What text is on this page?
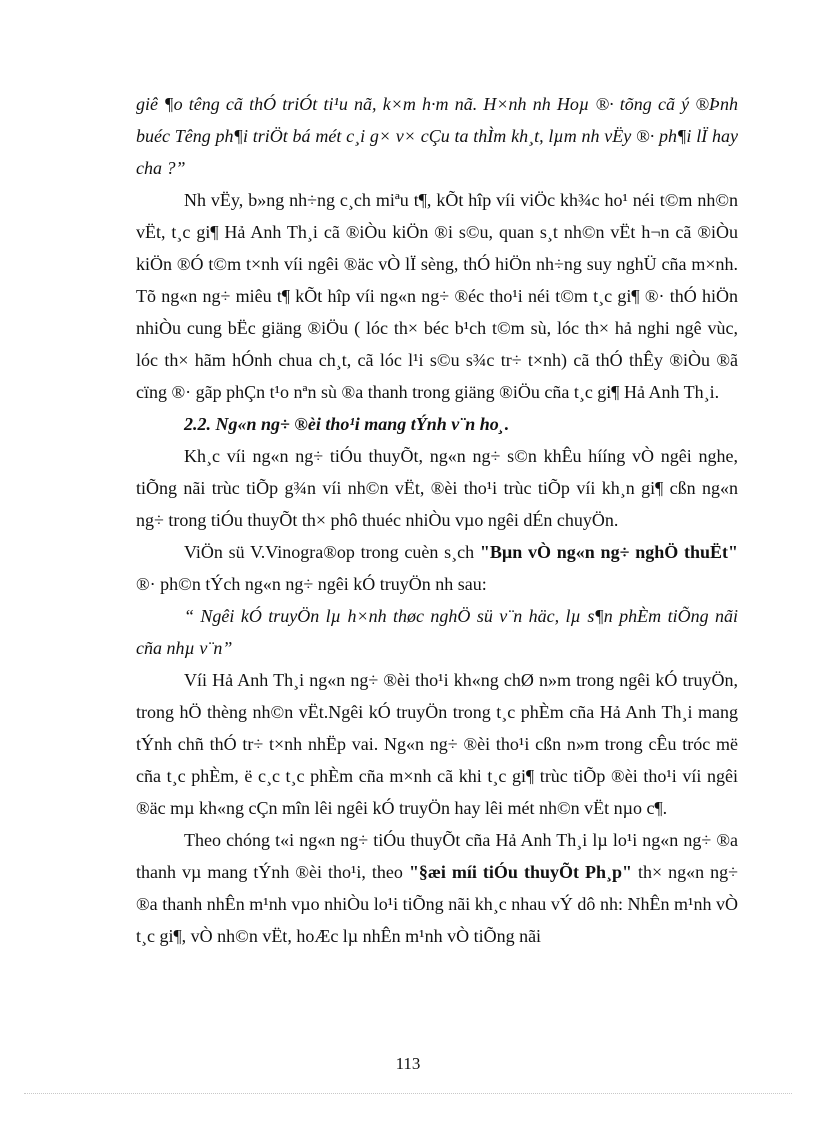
giê ¶o têng cã thÓ triÓt ti¹u nã, k×m h·m nã. H×nh nh Hoµ ®· tõng cã ý ®Þnh buéc Têng ph¶i triÖt bá mét c¸i g× v× cÇu ta thÌm kh¸t, lµm nh vËy ®· ph¶i lÏ hay cha ?”

Nh vËy, b»ng nh÷ng c¸ch miªu t¶, kÕt hîp víi viÖc kh¾c ho¹ néi t©m nh©n vËt, t¸c gi¶ Hả Anh Th¸i cã ®iÒu kiÖn ®i s©u, quan s¸t nh©n vËt h¬n cã ®iÒu kiÖn ®Ó t©m t×nh víi ngêi ®äc vÒ lÏ sèng, thÓ hiÖn nh÷ng suy nghÜ cña m×nh. Tõ ng«n ng÷ miêu t¶ kÕt hîp víi ng«n ng÷ ®éc tho¹i néi t©m t¸c gi¶ ®· thÓ hiÖn nhiÒu cung bËc giäng ®iÖu ( lóc th× béc b¹ch t©m sù, lóc th× hả nghi ngê vùc, lóc th× hãm hÓnh chua ch¸t, cã lóc l¹i s©u s¾c tr÷ t×nh) cã thÓ thÊy ®iÒu ®ã cïng ®· gãp phÇn t¹o nªn sù ®a thanh trong giäng ®iÖu cña t¸c gi¶ Hả Anh Th¸i.

2.2. Ng«n ng÷ ®èi tho¹i mang tÝnh v¨n ho¸.

Kh¸c víi ng«n ng÷ tiÓu thuyÕt, ng«n ng÷ s©n khÊu hííng vÒ ngêi nghe, tiÕng nãi trùc tiÕp g¾n víi nh©n vËt, ®èi tho¹i trùc tiÕp víi kh¸n gi¶ cßn ng«n ng÷ trong tiÓu thuyÕt th× phô thuéc nhiÒu vµo ngêi dÉn chuyÖn.

ViÖn sü V.Vinogra®op trong cuèn s¸ch "Bµn vÒ ng«n ng÷ nghÖ thuËt" ®· ph©n tÝch ng«n ng÷ ngêi kÓ truyÖn nh sau:

“ Ngêi kÓ truyÖn lµ h×nh thøc nghÖ sü v¨n häc, lµ s¶n phÈm tiÕng nãi cña nhµ v¨n”

Víi Hả Anh Th¸i ng«n ng÷ ®èi tho¹i kh«ng chØ n»m trong ngêi kÓ truyÖn, trong hÖ thèng nh©n vËt.Ngêi kÓ truyÖn trong t¸c phÈm cña Hả Anh Th¸i mang tÝnh chñ thÓ tr÷ t×nh nhËp vai. Ng«n ng÷ ®èi tho¹i cßn n»m trong cÊu tróc më cña t¸c phÈm, ë c¸c t¸c phÈm cña m×nh cã khi t¸c gi¶ trùc tiÕp ®èi tho¹i víi ngêi ®äc mµ kh«ng cÇn mîn lêi ngêi kÓ truyÖn hay lêi mét nh©n vËt nµo c¶.

Theo chóng t«i ng«n ng÷ tiÓu thuyÕt cña Hả Anh Th¸i lµ lo¹i ng«n ng÷ ®a thanh vµ mang tÝnh ®èi tho¹i, theo "§æi míi tiÓu thuyÕt Ph¸p" th× ng«n ng÷ ®a thanh nhÊn m¹nh vµo nhiÒu lo¹i tiÕng nãi kh¸c nhau vÝ dô nh: NhÊn m¹nh vÒ t¸c gi¶, vÒ nh©n vËt, hoÆc lµ nhÊn m¹nh vÒ tiÕng nãi

113
